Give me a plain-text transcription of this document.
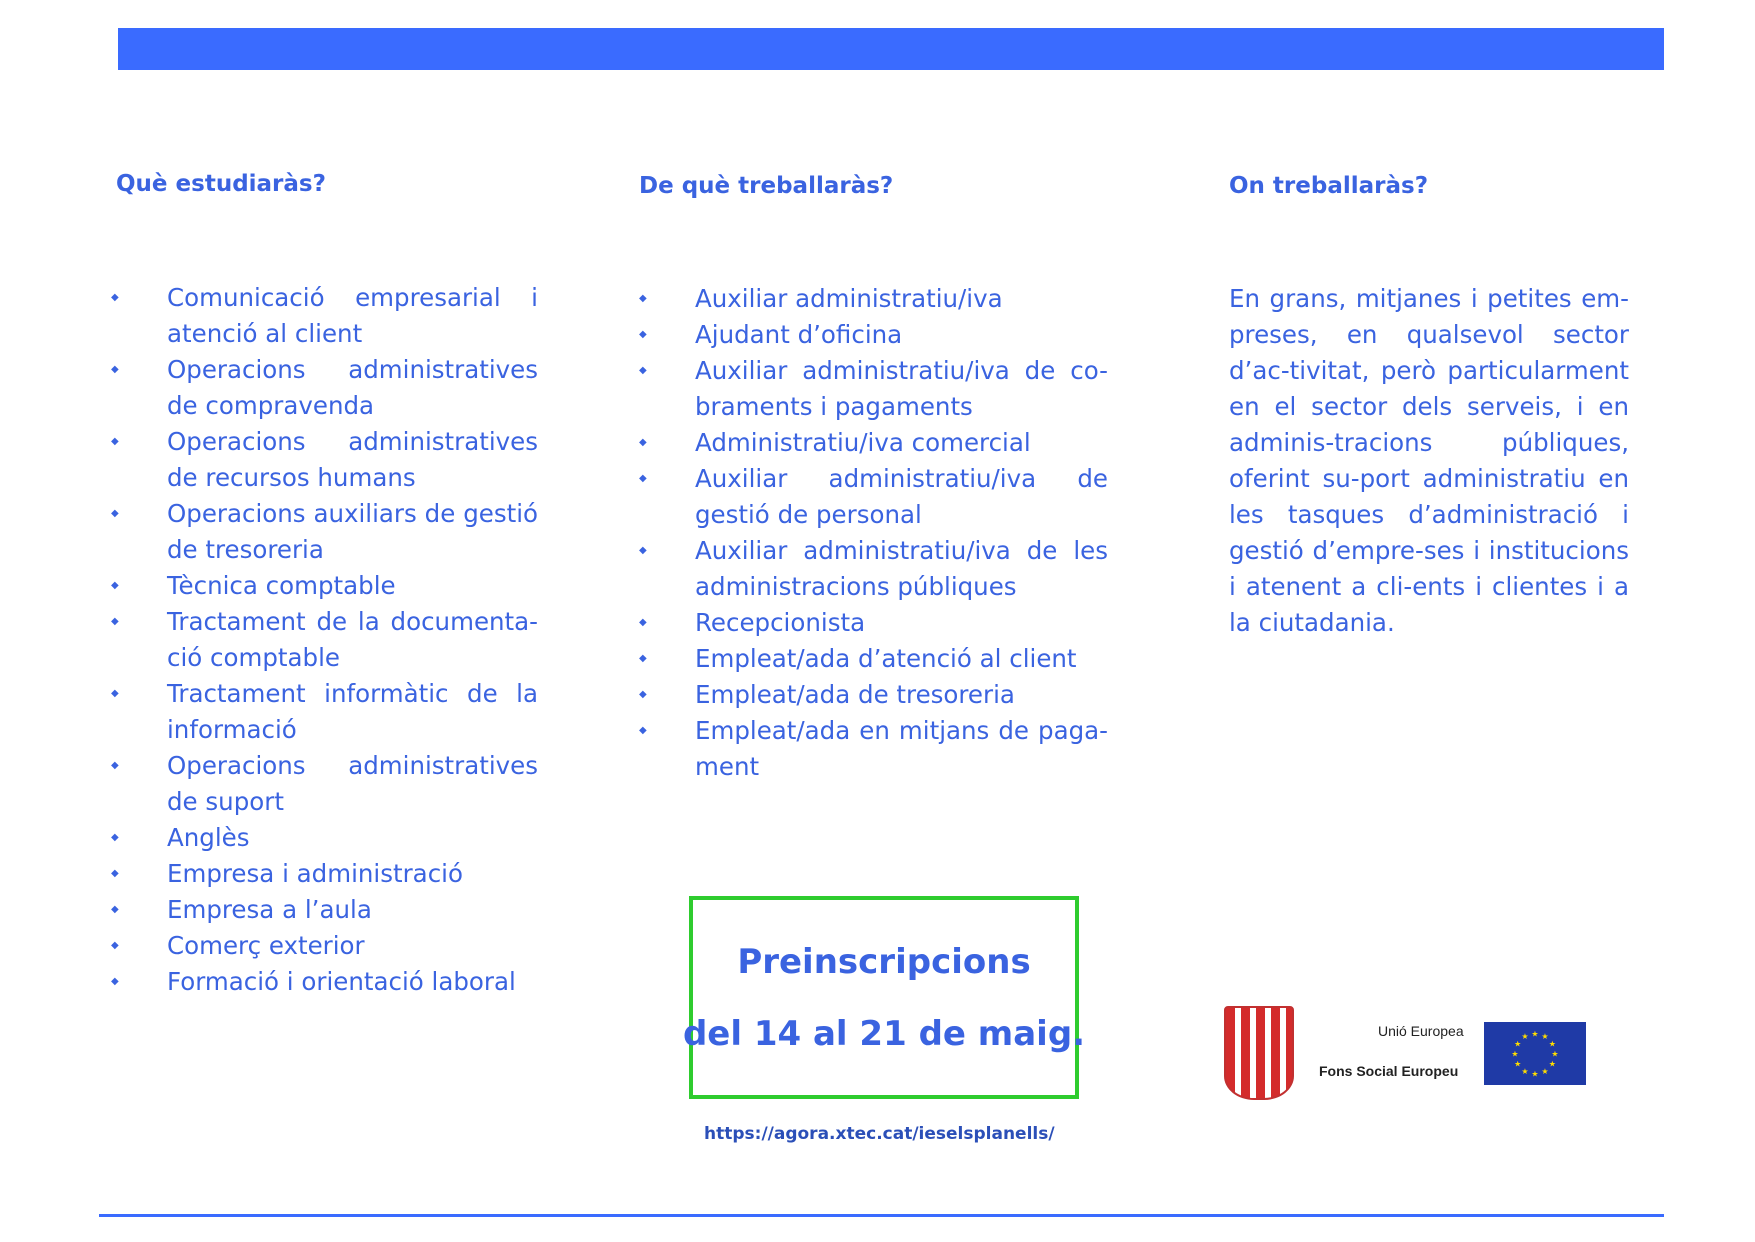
Què estudiaràs?	De què treballaràs?	On treballaràs?
◆ Comunicació empresarial i atenció al client
◆ Operacions administratives de compravenda
◆ Operacions administratives de recursos humans
◆ Operacions auxiliars de gestió de tresoreria
◆ Tècnica comptable
◆ Tractament de la documenta-ció comptable
◆ Tractament informàtic de la informació
◆ Operacions administratives de suport
◆ Anglès
◆ Empresa i administració
◆ Empresa a l’aula
◆ Comerç exterior
◆ Formació i orientació laboral
◆ Auxiliar administratiu/iva
◆ Ajudant d’oficina
◆ Auxiliar administratiu/iva de co-braments i pagaments
◆ Administratiu/iva comercial
◆ Auxiliar administratiu/iva de gestió de personal
◆ Auxiliar administratiu/iva de les administracions públiques
◆ Recepcionista
◆ Empleat/ada d’atenció al client
◆ Empleat/ada de tresoreria
◆ Empleat/ada en mitjans de paga-ment

En grans, mitjanes i petites em-preses, en qualsevol sector d’ac-tivitat, però particularment en el sector dels serveis, i en adminis-tracions públiques, oferint su-port administratiu en les tasques d’administració i gestió d’empre-ses i institucions i atenent a cli-ents i clientes i a la ciutadania.

Preinscripcions
del 14 al 21 de maig.
https://agora.xtec.cat/ieselsplanells/
Unió Europea
Fons Social Europeu
★ ★
★
★
★
★
★
★
★
★
★
★
